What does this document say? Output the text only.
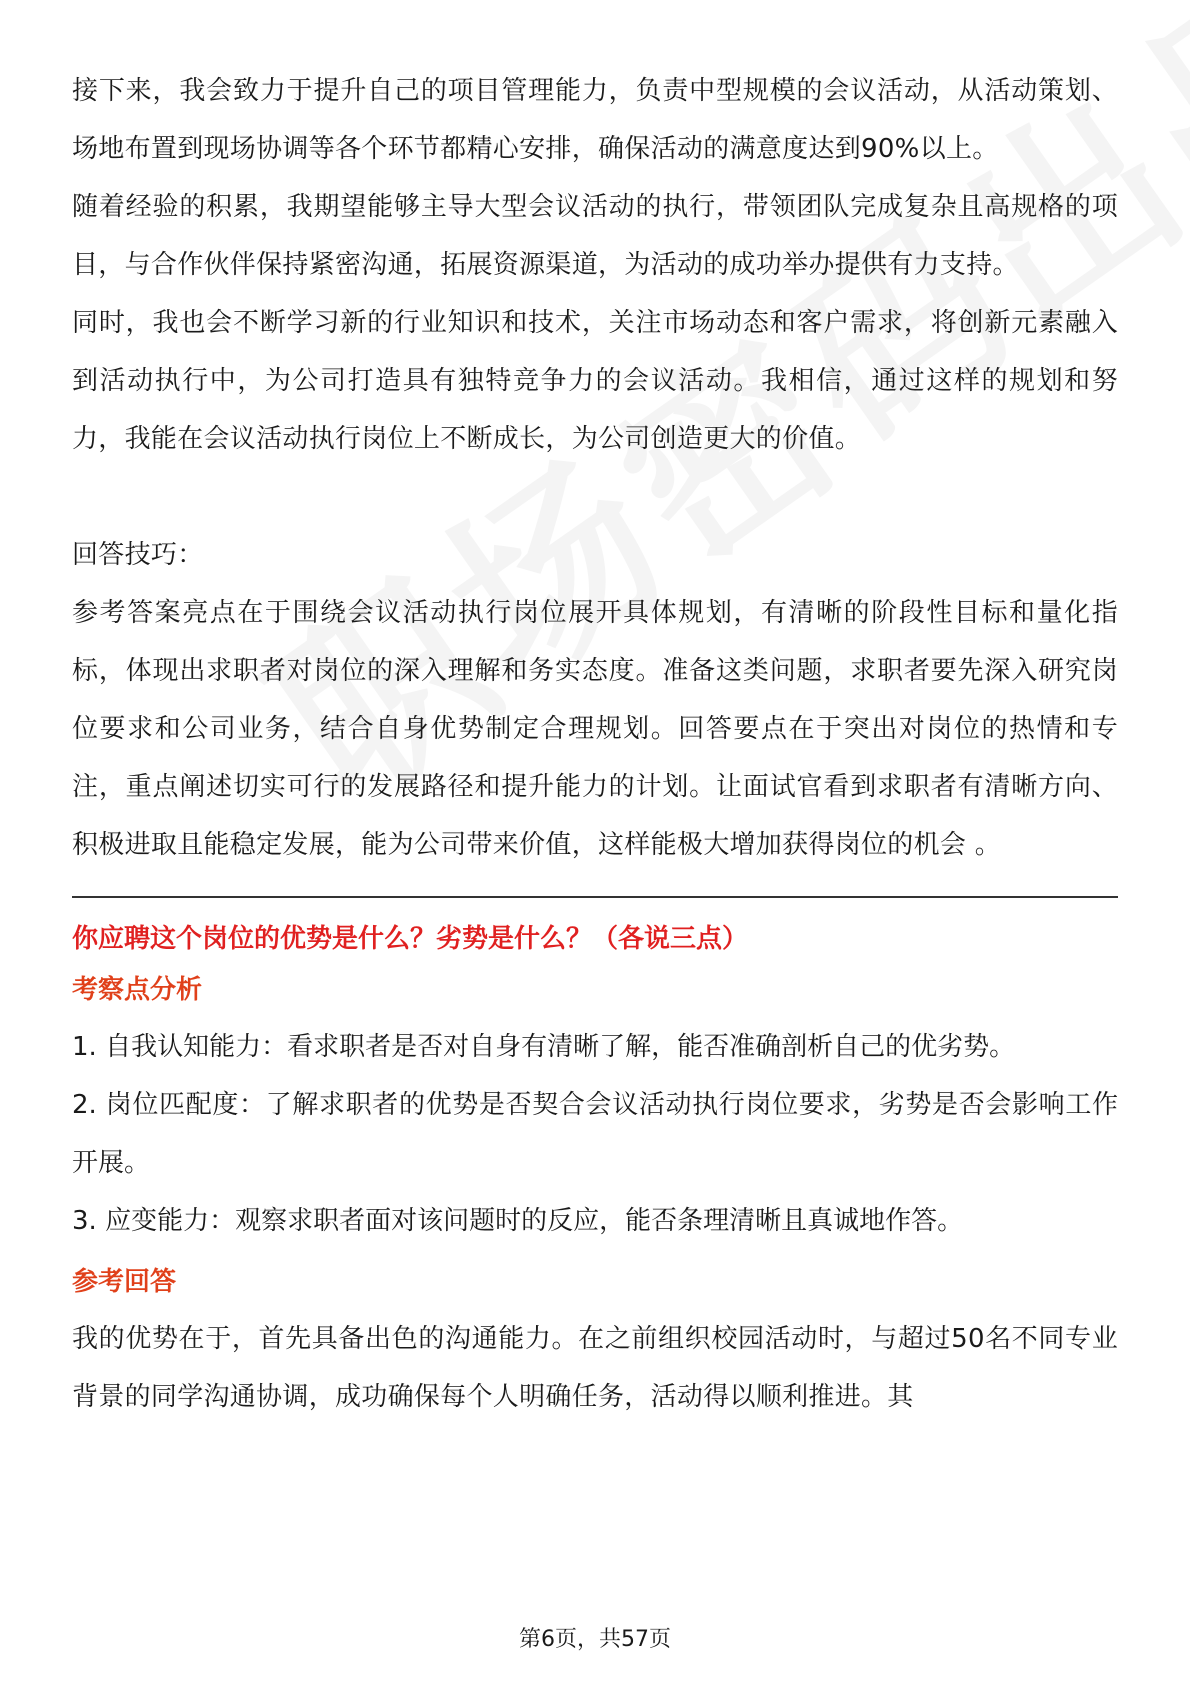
接下来，我会致力于提升自己的项目管理能力，负责中型规模的会议活动，从活动策划、场地布置到现场协调等各个环节都精心安排，确保活动的满意度达到90%以上。

随着经验的积累，我期望能够主导大型会议活动的执行，带领团队完成复杂且高规格的项目，与合作伙伴保持紧密沟通，拓展资源渠道，为活动的成功举办提供有力支持。

同时，我也会不断学习新的行业知识和技术，关注市场动态和客户需求，将创新元素融入到活动执行中，为公司打造具有独特竞争力的会议活动。我相信，通过这样的规划和努力，我能在会议活动执行岗位上不断成长，为公司创造更大的价值。

回答技巧：

参考答案亮点在于围绕会议活动执行岗位展开具体规划，有清晰的阶段性目标和量化指标，体现出求职者对岗位的深入理解和务实态度。准备这类问题，求职者要先深入研究岗位要求和公司业务，结合自身优势制定合理规划。回答要点在于突出对岗位的热情和专注，重点阐述切实可行的发展路径和提升能力的计划。让面试官看到求职者有清晰方向、积极进取且能稳定发展，能为公司带来价值，这样能极大增加获得岗位的机会 。

你应聘这个岗位的优势是什么？劣势是什么？（各说三点）

考察点分析

1. 自我认知能力：看求职者是否对自身有清晰了解，能否准确剖析自己的优劣势。

2. 岗位匹配度：了解求职者的优势是否契合会议活动执行岗位要求，劣势是否会影响工作开展。

3. 应变能力：观察求职者面对该问题时的反应，能否条理清晰且真诚地作答。

参考回答

我的优势在于，首先具备出色的沟通能力。在之前组织校园活动时，与超过50名不同专业背景的同学沟通协调，成功确保每个人明确任务，活动得以顺利推进。其

第6页，共57页
